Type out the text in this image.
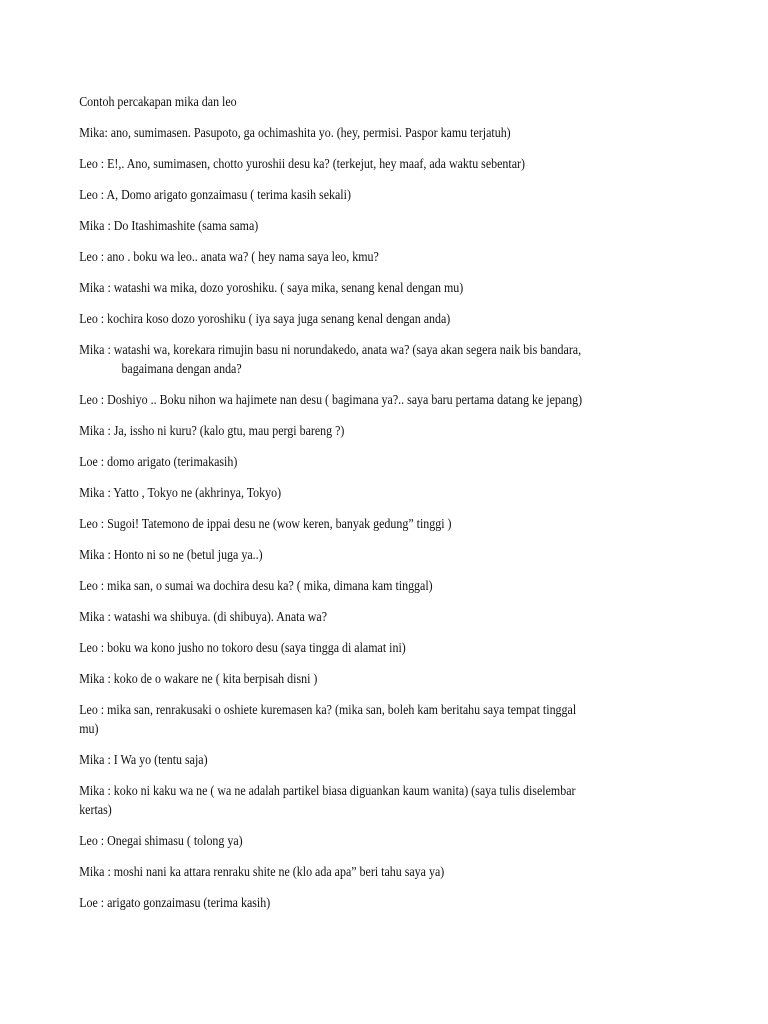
Contoh percakapan mika dan leo

Mika: ano, sumimasen. Pasupoto, ga ochimashita yo. (hey, permisi. Paspor kamu terjatuh)

Leo : E!,. Ano, sumimasen, chotto yuroshii desu ka? (terkejut, hey maaf, ada waktu sebentar)

Leo : A, Domo arigato gonzaimasu ( terima kasih sekali)

Mika : Do Itashimashite (sama sama)

Leo : ano . boku wa leo.. anata wa? ( hey nama saya leo, kmu?

Mika : watashi wa mika, dozo yoroshiku. ( saya mika, senang kenal dengan mu)

Leo : kochira koso dozo yoroshiku ( iya saya juga senang kenal dengan anda)

Mika : watashi wa, korekara rimujin basu ni norundakedo, anata wa? (saya akan segera naik bis bandara,
bagaimana dengan anda?

Leo : Doshiyo .. Boku nihon wa hajimete nan desu ( bagimana ya?.. saya baru pertama datang ke jepang)

Mika : Ja, issho ni kuru? (kalo gtu, mau pergi bareng ?)

Loe : domo arigato (terimakasih)

Mika : Yatto , Tokyo ne (akhrinya, Tokyo)

Leo : Sugoi! Tatemono de ippai desu ne (wow keren, banyak gedung” tinggi )

Mika : Honto ni so ne (betul juga ya..)

Leo : mika san, o sumai wa dochira desu ka? ( mika, dimana kam tinggal)

Mika : watashi wa shibuya. (di shibuya). Anata wa?

Leo : boku wa kono jusho no tokoro desu (saya tingga di alamat ini)

Mika : koko de o wakare ne ( kita berpisah disni )

Leo : mika san, renrakusaki o oshiete kuremasen ka? (mika san, boleh kam beritahu saya tempat tinggal
mu)

Mika : I Wa yo (tentu saja)

Mika : koko ni kaku wa ne ( wa ne adalah partikel biasa diguankan kaum wanita) (saya tulis diselembar
kertas)

Leo : Onegai shimasu ( tolong ya)

Mika : moshi nani ka attara renraku shite ne (klo ada apa” beri tahu saya ya)

Loe : arigato gonzaimasu (terima kasih)
